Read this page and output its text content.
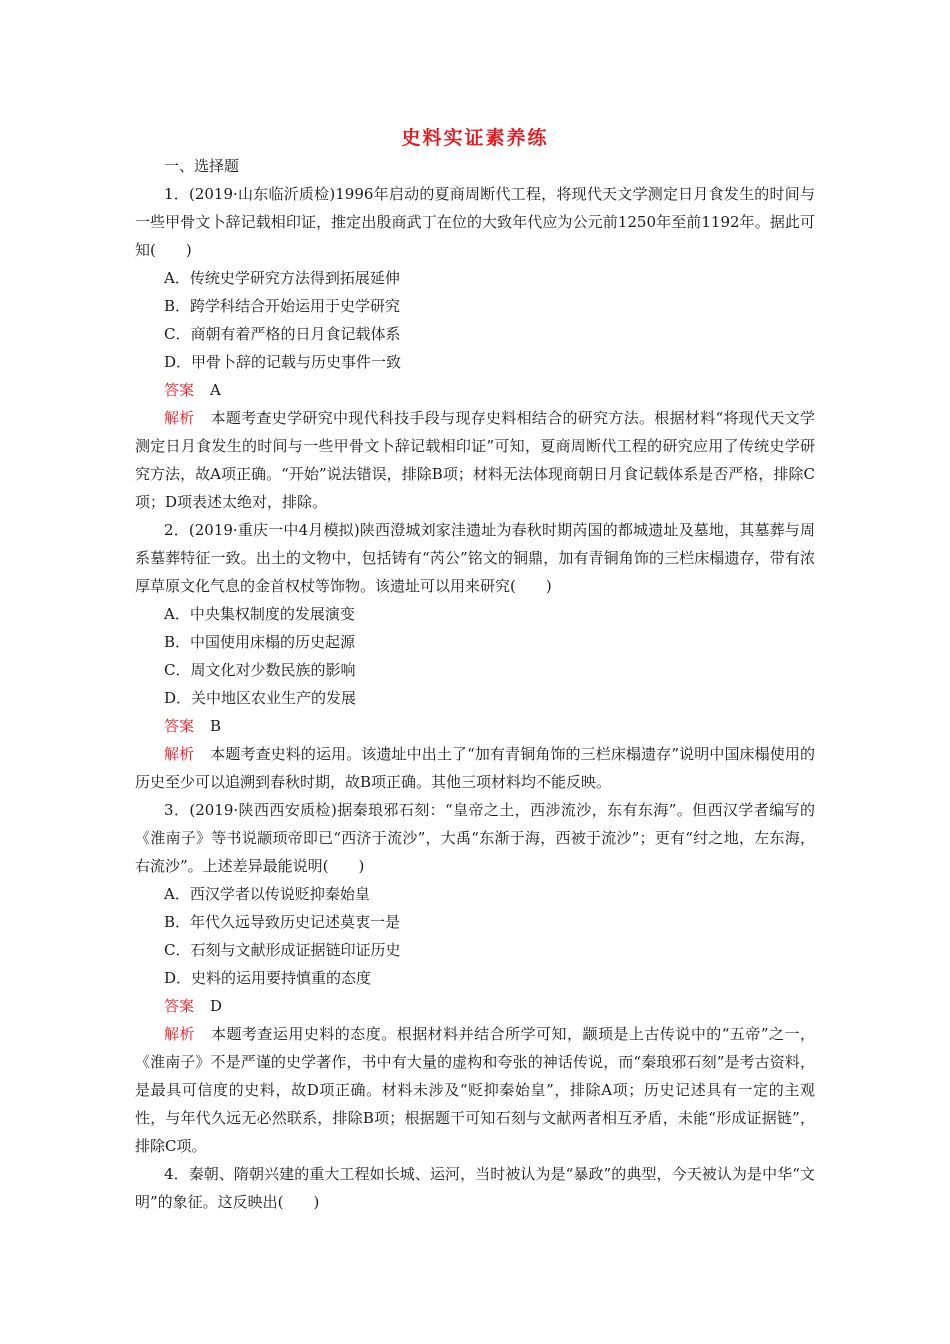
史料实证素养练
一、选择题

1．(2019·山东临沂质检)1996年启动的夏商周断代工程，将现代天文学测定日月食发生的时间与一些甲骨文卜辞记载相印证，推定出殷商武丁在位的大致年代应为公元前1250年至前1192年。据此可知(　　)

A．传统史学研究方法得到拓展延伸

B．跨学科结合开始运用于史学研究

C．商朝有着严格的日月食记载体系

D．甲骨卜辞的记载与历史事件一致

答案 A

解析 本题考查史学研究中现代科技手段与现存史料相结合的研究方法。根据材料“将现代天文学测定日月食发生的时间与一些甲骨文卜辞记载相印证”可知，夏商周断代工程的研究应用了传统史学研究方法，故A项正确。“开始”说法错误，排除B项；材料无法体现商朝日月食记载体系是否严格，排除C项；D项表述太绝对，排除。

2．(2019·重庆一中4月模拟)陕西澄城刘家洼遗址为春秋时期芮国的都城遗址及墓地，其墓葬与周系墓葬特征一致。出土的文物中，包括铸有“芮公”铭文的铜鼎，加有青铜角饰的三栏床榻遗存，带有浓厚草原文化气息的金首权杖等饰物。该遗址可以用来研究(　　)

A．中央集权制度的发展演变

B．中国使用床榻的历史起源

C．周文化对少数民族的影响

D．关中地区农业生产的发展

答案 B

解析 本题考查史料的运用。该遗址中出土了“加有青铜角饰的三栏床榻遗存”说明中国床榻使用的历史至少可以追溯到春秋时期，故B项正确。其他三项材料均不能反映。

3．(2019·陕西西安质检)据秦琅邪石刻：“皇帝之土，西涉流沙，东有东海”。但西汉学者编写的《淮南子》等书说颛顼帝即已“西济于流沙”，大禹“东渐于海，西被于流沙”；更有“纣之地，左东海，右流沙”。上述差异最能说明(　　)

A．西汉学者以传说贬抑秦始皇

B．年代久远导致历史记述莫衷一是

C．石刻与文献形成证据链印证历史

D．史料的运用要持慎重的态度

答案 D

解析 本题考查运用史料的态度。根据材料并结合所学可知，颛顼是上古传说中的“五帝”之一，《淮南子》不是严谨的史学著作，书中有大量的虚构和夸张的神话传说，而“秦琅邪石刻”是考古资料，是最具可信度的史料，故D项正确。材料未涉及“贬抑秦始皇”，排除A项；历史记述具有一定的主观性，与年代久远无必然联系，排除B项；根据题干可知石刻与文献两者相互矛盾，未能“形成证据链”，排除C项。

4．秦朝、隋朝兴建的重大工程如长城、运河，当时被认为是“暴政”的典型，今天被认为是中华“文明”的象征。这反映出(　　)
